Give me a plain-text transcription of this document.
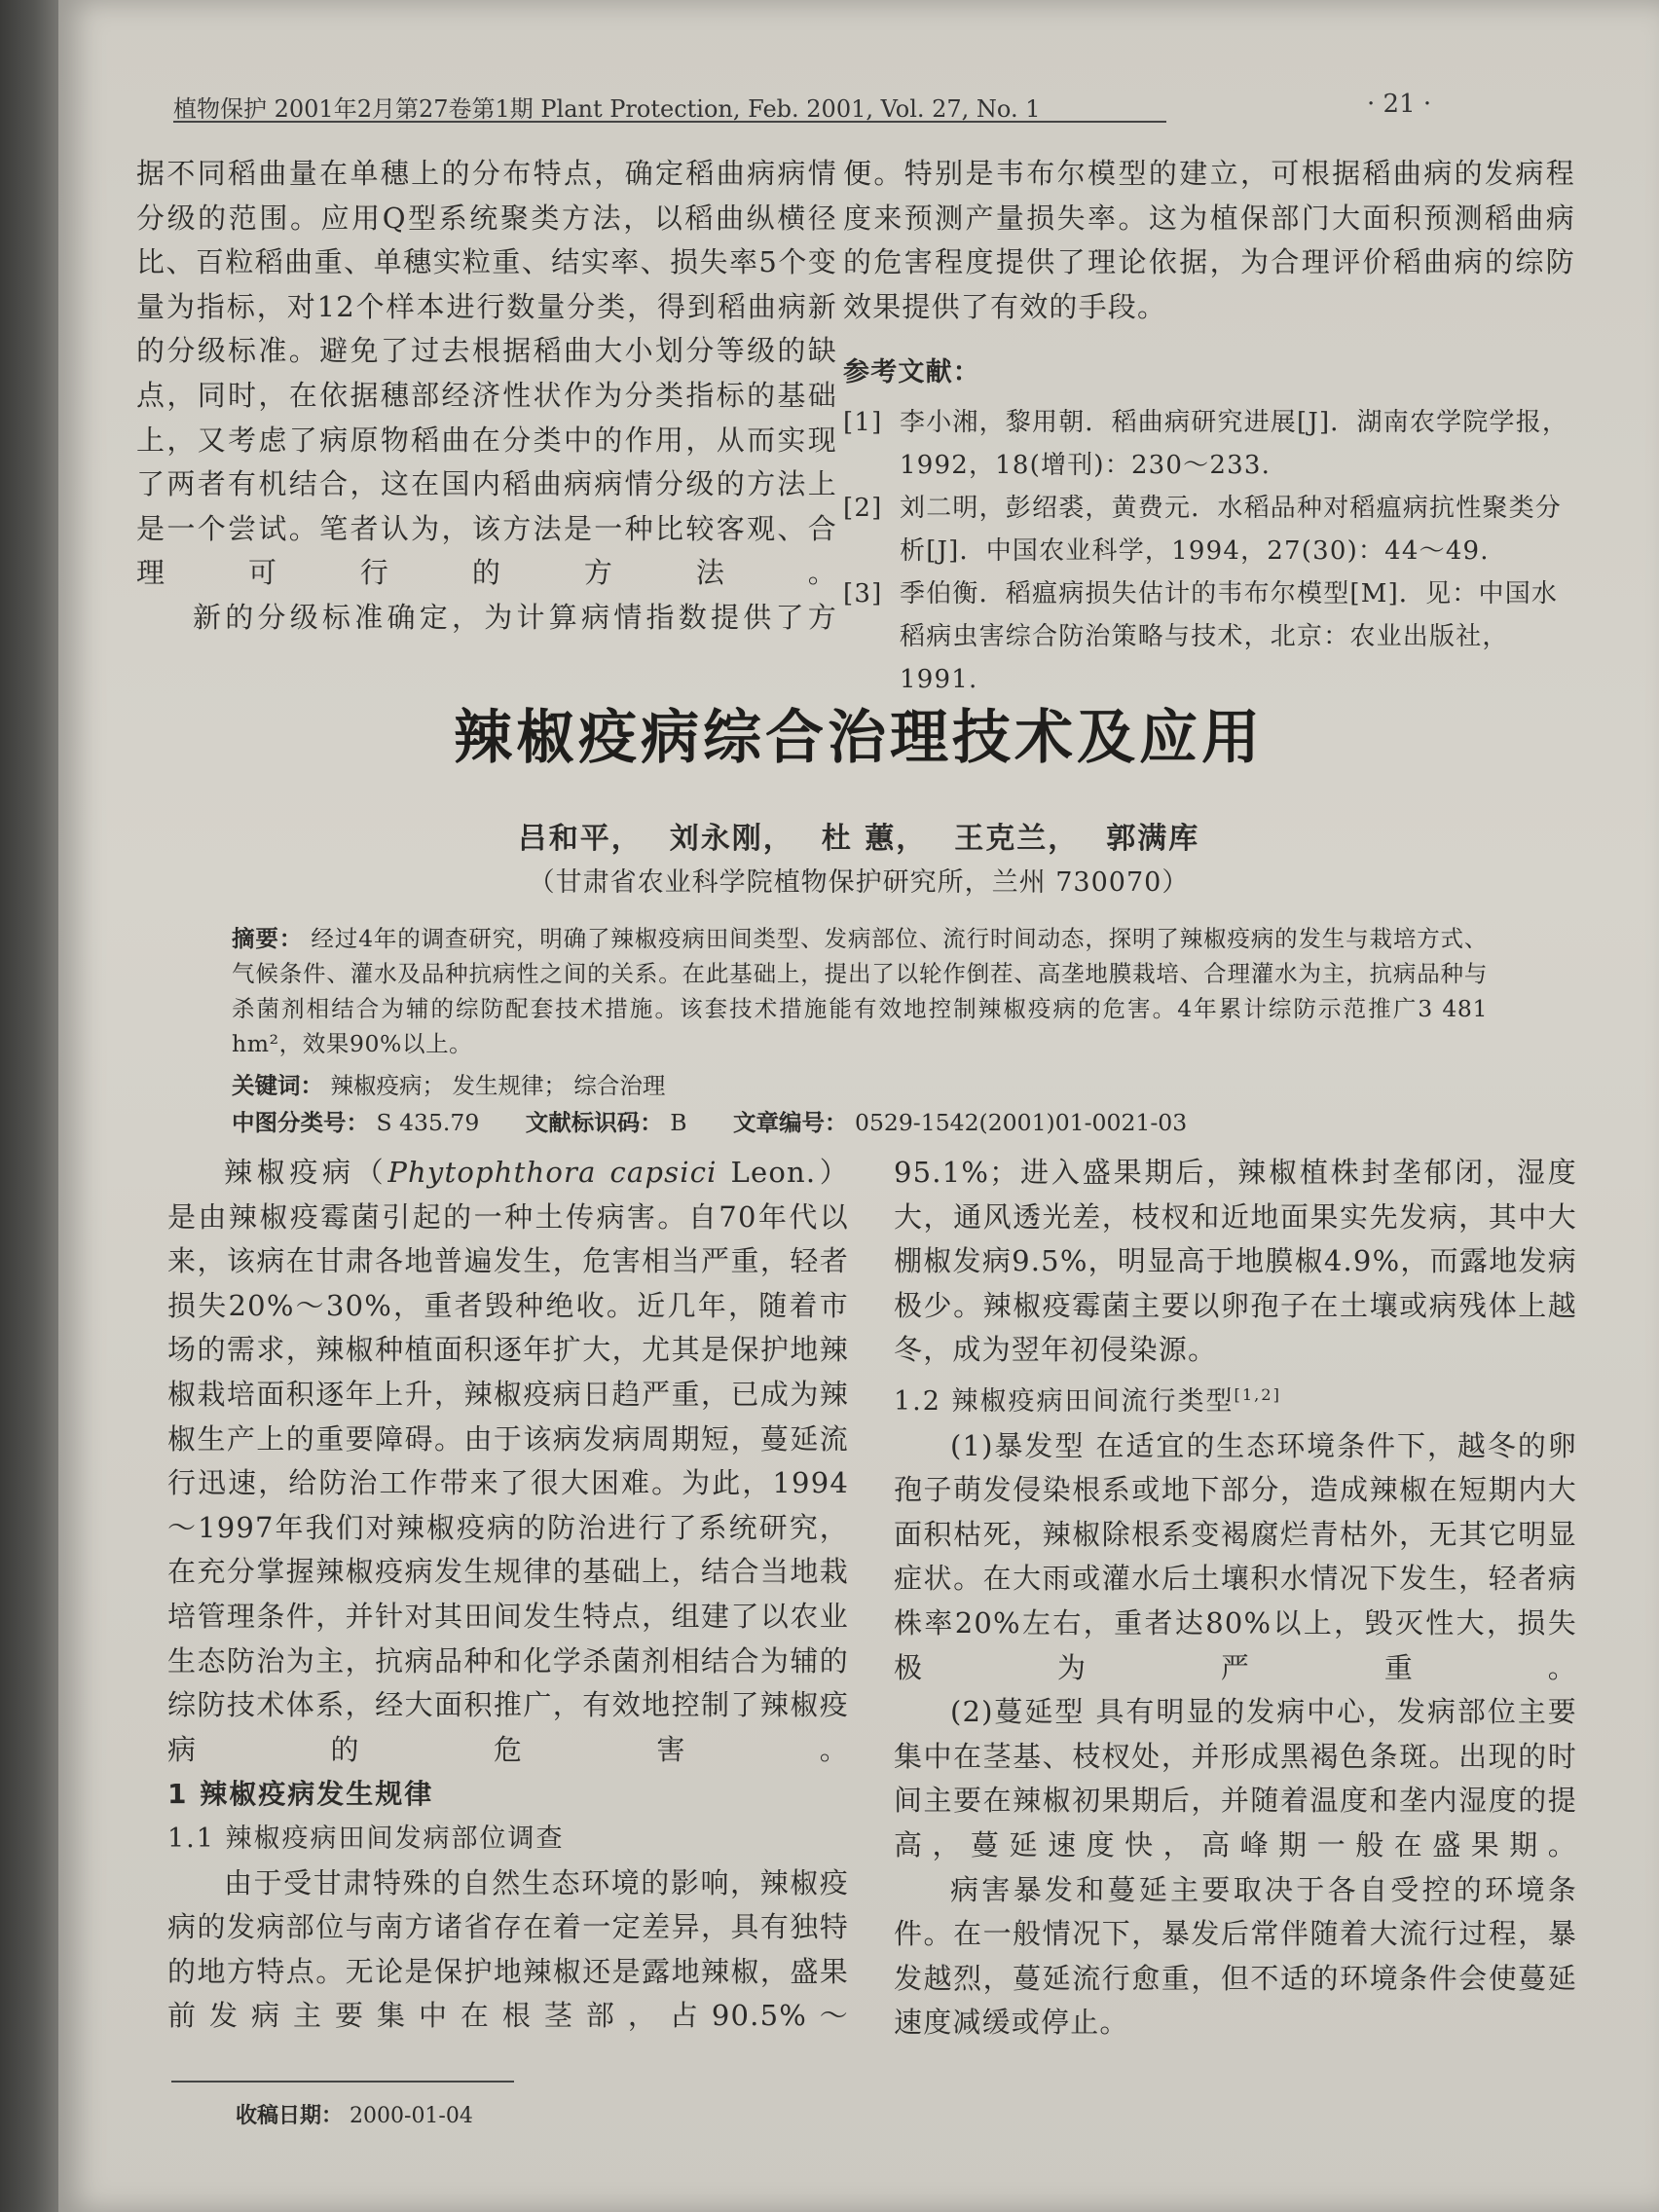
植物保护 2001年2月第27卷第1期 Plant Protection, Feb. 2001, Vol. 27, No. 1	· 21 ·

据不同稻曲量在单穗上的分布特点，确定稻曲病病情分级的范围。应用Q型系统聚类方法，以稻曲纵横径比、百粒稻曲重、单穗实粒重、结实率、损失率5个变量为指标，对12个样本进行数量分类，得到稻曲病新的分级标准。避免了过去根据稻曲大小划分等级的缺点，同时，在依据穗部经济性状作为分类指标的基础上，又考虑了病原物稻曲在分类中的作用，从而实现了两者有机结合，这在国内稻曲病病情分级的方法上是一个尝试。笔者认为，该方法是一种比较客观、合理可行的方法。

新的分级标准确定，为计算病情指数提供了方

便。特别是韦布尔模型的建立，可根据稻曲病的发病程度来预测产量损失率。这为植保部门大面积预测稻曲病的危害程度提供了理论依据，为合理评价稻曲病的综防效果提供了有效的手段。

参考文献：

[1] 李小湘，黎用朝．稻曲病研究进展[J]．湖南农学院学报，1992，18(增刊)：230～233.
[2] 刘二明，彭绍裘，黄费元．水稻品种对稻瘟病抗性聚类分析[J]．中国农业科学，1994，27(30)：44～49.
[3] 季伯衡．稻瘟病损失估计的韦布尔模型[M]．见：中国水稻病虫害综合防治策略与技术，北京：农业出版社，1991.
辣椒疫病综合治理技术及应用
吕和平， 刘永刚， 杜 蕙， 王克兰， 郭满库
（甘肃省农业科学院植物保护研究所，兰州 730070）

摘要： 经过4年的调查研究，明确了辣椒疫病田间类型、发病部位、流行时间动态，探明了辣椒疫病的发生与栽培方式、气候条件、灌水及品种抗病性之间的关系。在此基础上，提出了以轮作倒茬、高垄地膜栽培、合理灌水为主，抗病品种与杀菌剂相结合为辅的综防配套技术措施。该套技术措施能有效地控制辣椒疫病的危害。4年累计综防示范推广3 481 hm²，效果90%以上。

关键词： 辣椒疫病； 发生规律； 综合治理
中图分类号： S 435.79 文献标识码： B 文章编号： 0529-1542(2001)01-0021-03

辣椒疫病（Phytophthora capsici Leon.）是由辣椒疫霉菌引起的一种土传病害。自70年代以来，该病在甘肃各地普遍发生，危害相当严重，轻者损失20%～30%，重者毁种绝收。近几年，随着市场的需求，辣椒种植面积逐年扩大，尤其是保护地辣椒栽培面积逐年上升，辣椒疫病日趋严重，已成为辣椒生产上的重要障碍。由于该病发病周期短，蔓延流行迅速，给防治工作带来了很大困难。为此，1994～1997年我们对辣椒疫病的防治进行了系统研究，在充分掌握辣椒疫病发生规律的基础上，结合当地栽培管理条件，并针对其田间发生特点，组建了以农业生态防治为主，抗病品种和化学杀菌剂相结合为辅的综防技术体系，经大面积推广，有效地控制了辣椒疫病的危害。

1 辣椒疫病发生规律

1.1 辣椒疫病田间发病部位调查

由于受甘肃特殊的自然生态环境的影响，辣椒疫病的发病部位与南方诸省存在着一定差异，具有独特的地方特点。无论是保护地辣椒还是露地辣椒，盛果前发病主要集中在根茎部，占90.5%～

95.1%；进入盛果期后，辣椒植株封垄郁闭，湿度大，通风透光差，枝杈和近地面果实先发病，其中大棚椒发病9.5%，明显高于地膜椒4.9%，而露地发病极少。辣椒疫霉菌主要以卵孢子在土壤或病残体上越冬，成为翌年初侵染源。

1.2 辣椒疫病田间流行类型[1,2]

(1)暴发型 在适宜的生态环境条件下，越冬的卵孢子萌发侵染根系或地下部分，造成辣椒在短期内大面积枯死，辣椒除根系变褐腐烂青枯外，无其它明显症状。在大雨或灌水后土壤积水情况下发生，轻者病株率20%左右，重者达80%以上，毁灭性大，损失极为严重。

(2)蔓延型 具有明显的发病中心，发病部位主要集中在茎基、枝杈处，并形成黑褐色条斑。出现的时间主要在辣椒初果期后，并随着温度和垄内湿度的提高，蔓延速度快，高峰期一般在盛果期。

病害暴发和蔓延主要取决于各自受控的环境条件。在一般情况下，暴发后常伴随着大流行过程，暴发越烈，蔓延流行愈重，但不适的环境条件会使蔓延速度减缓或停止。

收稿日期： 2000-01-04
